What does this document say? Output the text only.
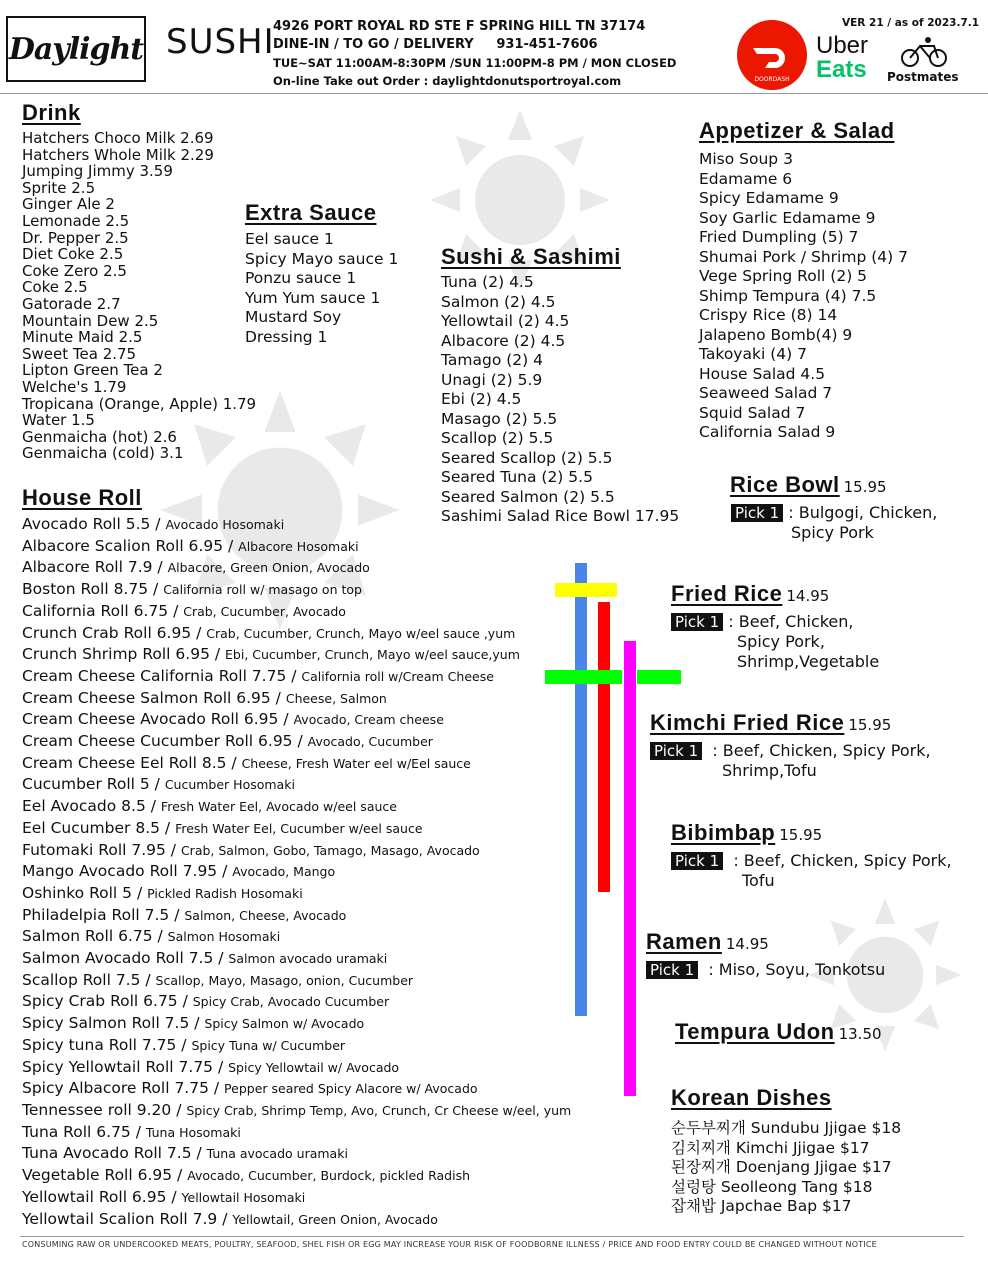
Daylight SUSHI
4926 PORT ROYAL RD STE F SPRING HILL TN 37174
DINE-IN / TO GO / DELIVERY 931-451-7606
TUE~SAT 11:00AM-8:30PM /SUN 11:00PM-8 PM / MON CLOSED
On-line Take out Order : daylightdonutsportroyal.com
VER 21 / as of 2023.7.1
DOORDASH
Uber
Eats Postmates
Drink
Hatchers Choco Milk 2.69
Hatchers Whole Milk 2.29
Jumping Jimmy 3.59
Sprite 2.5
Ginger Ale 2
Lemonade 2.5
Dr. Pepper 2.5
Diet Coke 2.5
Coke Zero 2.5
Coke 2.5
Gatorade 2.7
Mountain Dew 2.5
Minute Maid 2.5
Sweet Tea 2.75
Lipton Green Tea 2
Welche's 1.79
Tropicana (Orange, Apple) 1.79
Water 1.5
Genmaicha (hot) 2.6
Genmaicha (cold) 3.1
Extra Sauce
Eel sauce 1
Spicy Mayo sauce 1
Ponzu sauce 1
Yum Yum sauce 1
Mustard Soy
Dressing 1
Sushi & Sashimi
Tuna (2) 4.5
Salmon (2) 4.5
Yellowtail (2) 4.5
Albacore (2) 4.5
Tamago (2) 4
Unagi (2) 5.9
Ebi (2) 4.5
Masago (2) 5.5
Scallop (2) 5.5
Seared Scallop (2) 5.5
Seared Tuna (2) 5.5
Seared Salmon (2) 5.5
Sashimi Salad Rice Bowl 17.95
Appetizer & Salad
Miso Soup 3
Edamame 6
Spicy Edamame 9
Soy Garlic Edamame 9
Fried Dumpling (5) 7
Shumai Pork / Shrimp (4) 7
Vege Spring Roll (2) 5
Shimp Tempura (4) 7.5
Crispy Rice (8) 14
Jalapeno Bomb(4) 9
Takoyaki (4) 7
House Salad 4.5
Seaweed Salad 7
Squid Salad 7
California Salad 9
House Roll
Avocado Roll 5.5 / Avocado Hosomaki
Albacore Scalion Roll 6.95 / Albacore Hosomaki
Albacore Roll 7.9 / Albacore, Green Onion, Avocado
Boston Roll 8.75 / California roll w/ masago on top
California Roll 6.75 / Crab, Cucumber, Avocado
Crunch Crab Roll 6.95 / Crab, Cucumber, Crunch, Mayo w/eel sauce ,yum
Crunch Shrimp Roll 6.95 / Ebi, Cucumber, Crunch, Mayo w/eel sauce,yum
Cream Cheese California Roll 7.75 / California roll w/Cream Cheese
Cream Cheese Salmon Roll 6.95 / Cheese, Salmon
Cream Cheese Avocado Roll 6.95 / Avocado, Cream cheese
Cream Cheese Cucumber Roll 6.95 / Avocado, Cucumber
Cream Cheese Eel Roll 8.5 / Cheese, Fresh Water eel w/Eel sauce
Cucumber Roll 5 / Cucumber Hosomaki
Eel Avocado 8.5 / Fresh Water Eel, Avocado w/eel sauce
Eel Cucumber 8.5 / Fresh Water Eel, Cucumber w/eel sauce
Futomaki Roll 7.95 / Crab, Salmon, Gobo, Tamago, Masago, Avocado
Mango Avocado Roll 7.95 / Avocado, Mango
Oshinko Roll 5 / Pickled Radish Hosomaki
Philadelpia Roll 7.5 / Salmon, Cheese, Avocado
Salmon Roll 6.75 / Salmon Hosomaki
Salmon Avocado Roll 7.5 / Salmon avocado uramaki
Scallop Roll 7.5 / Scallop, Mayo, Masago, onion, Cucumber
Spicy Crab Roll 6.75 / Spicy Crab, Avocado Cucumber
Spicy Salmon Roll 7.5 / Spicy Salmon w/ Avocado
Spicy tuna Roll 7.75 / Spicy Tuna w/ Cucumber
Spicy Yellowtail Roll 7.75 / Spicy Yellowtail w/ Avocado
Spicy Albacore Roll 7.75 / Pepper seared Spicy Alacore w/ Avocado
Tennessee roll 9.20 / Spicy Crab, Shrimp Temp, Avo, Crunch, Cr Cheese w/eel, yum
Tuna Roll 6.75 / Tuna Hosomaki
Tuna Avocado Roll 7.5 / Tuna avocado uramaki
Vegetable Roll 6.95 / Avocado, Cucumber, Burdock, pickled Radish
Yellowtail Roll 6.95 / Yellowtail Hosomaki
Yellowtail Scalion Roll 7.9 / Yellowtail, Green Onion, Avocado
Rice Bowl 15.95
Pick 1 : Bulgogi, Chicken,
Spicy Pork
Fried Rice 14.95
Pick 1 : Beef, Chicken,
Spicy Pork,
Shrimp,Vegetable
Kimchi Fried Rice 15.95
Pick 1 : Beef, Chicken, Spicy Pork,
Shrimp,Tofu
Bibimbap 15.95
Pick 1 : Beef, Chicken, Spicy Pork,
Tofu
Ramen 14.95
Pick 1 : Miso, Soyu, Tonkotsu
Tempura Udon 13.50
Korean Dishes
순두부찌개 Sundubu Jjigae $18
김치찌개 Kimchi Jjigae $17
된장찌개 Doenjang Jjigae $17
설렁탕 Seolleong Tang $18
잡채밥 Japchae Bap $17
CONSUMING RAW OR UNDERCOOKED MEATS, POULTRY, SEAFOOD, SHEL FISH OR EGG MAY INCREASE YOUR RISK OF FOODBORNE ILLNESS / PRICE AND FOOD ENTRY COULD BE CHANGED WITHOUT NOTICE
